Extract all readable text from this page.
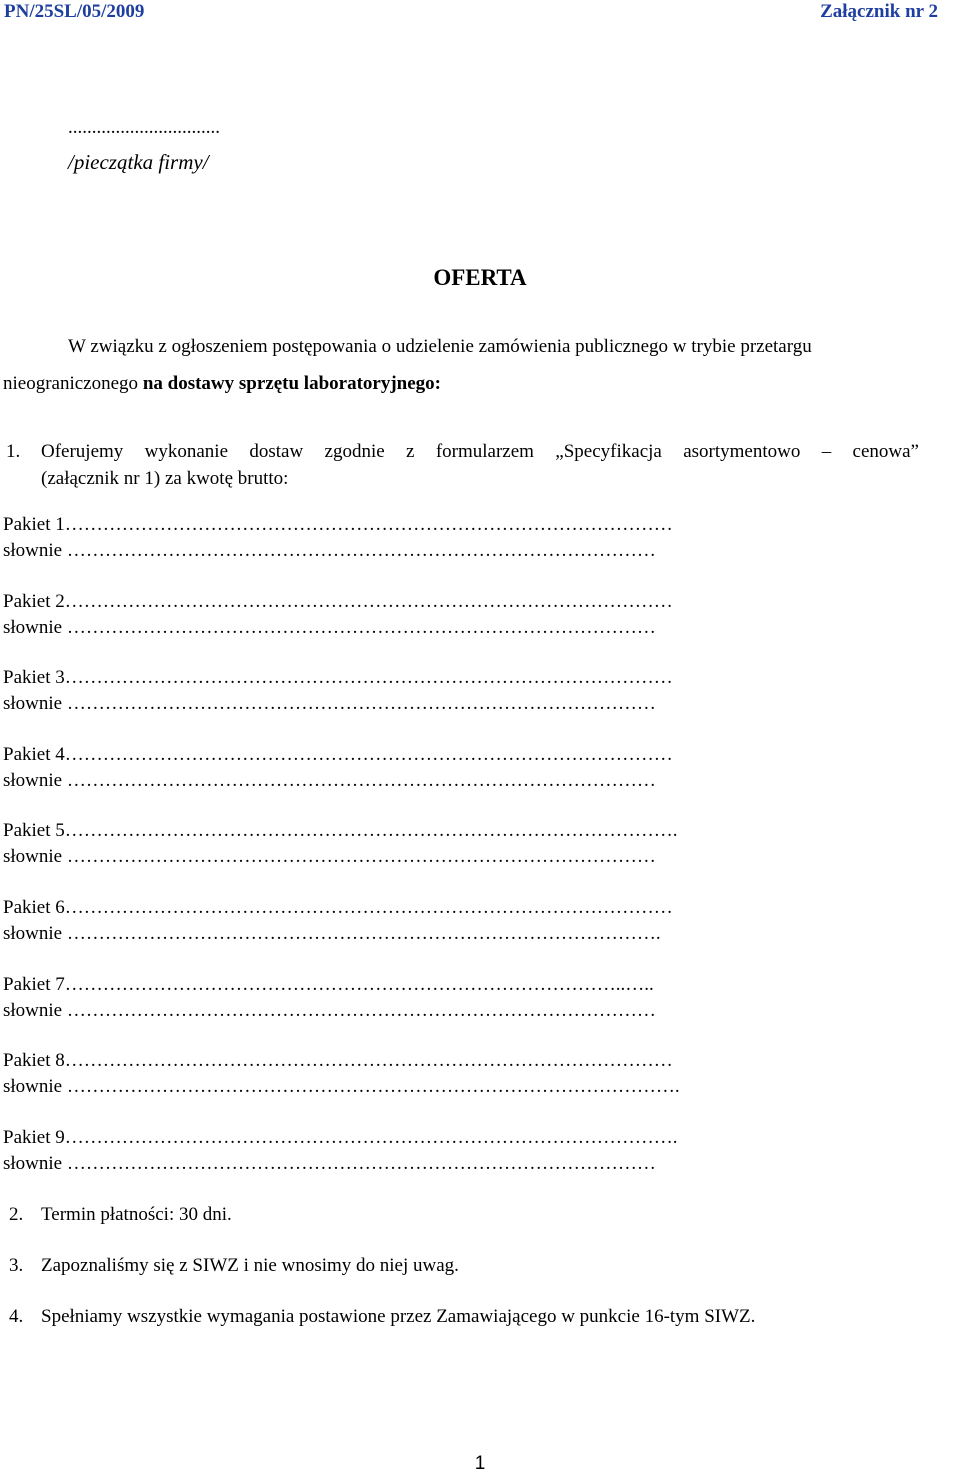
PN/25SL/05/2009	Załącznik nr 2
................................
/pieczątka firmy/
OFERTA
W związku z ogłoszeniem postępowania o udzielenie zamówienia publicznego w trybie przetargu
nieograniczonego na dostawy sprzętu laboratoryjnego:
1. Oferujemy wykonanie dostaw zgodnie z formularzem „Specyfikacja asortymentowo – cenowa”
(załącznik nr 1) za kwotę brutto:
Pakiet 1……………………………………………………………………………………
słownie …………………………………………………………………………………
Pakiet 2……………………………………………………………………………………
słownie …………………………………………………………………………………
Pakiet 3……………………………………………………………………………………
słownie …………………………………………………………………………………
Pakiet 4……………………………………………………………………………………
słownie …………………………………………………………………………………
Pakiet 5…………………………………………………………………………………….
słownie …………………………………………………………………………………
Pakiet 6……………………………………………………………………………………
słownie ………………………………………………………………………………….
Pakiet 7……………………………………………………………………………..…..
słownie …………………………………………………………………………………
Pakiet 8……………………………………………………………………………………
słownie …………………………………………………………………………………….
Pakiet 9…………………………………………………………………………………….
słownie …………………………………………………………………………………
2. Termin płatności: 30 dni.
3. Zapoznaliśmy się z SIWZ i nie wnosimy do niej uwag.
4. Spełniamy wszystkie wymagania postawione przez Zamawiającego w punkcie 16-tym SIWZ.
1
